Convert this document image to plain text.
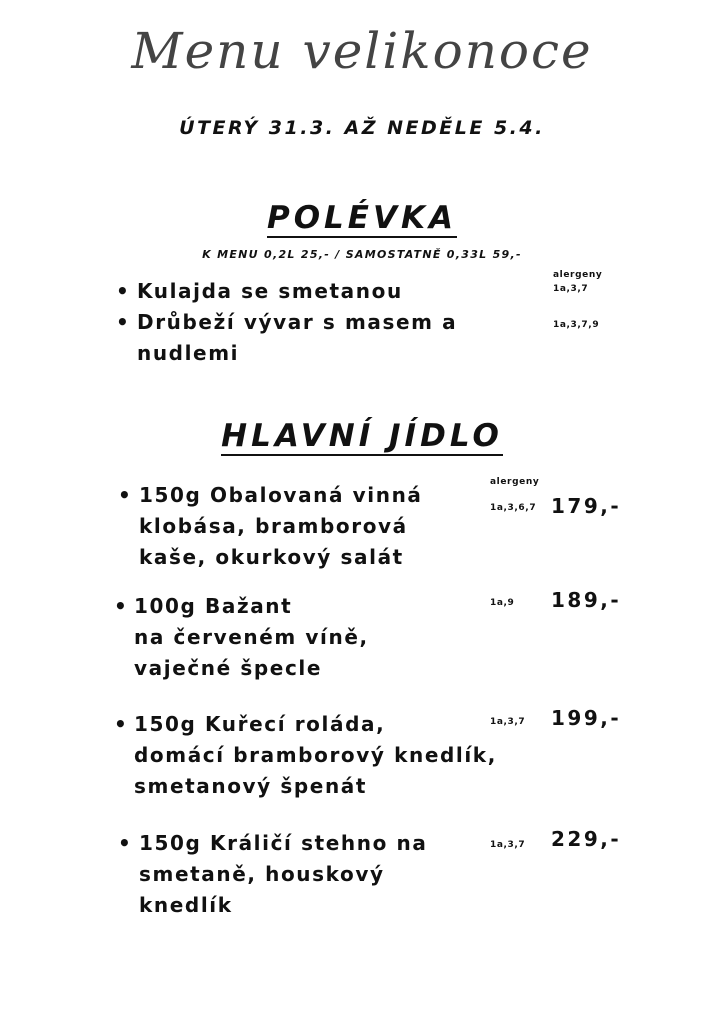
Menu velikonoce
ÚTERÝ 31.3. AŽ NEDĚLE 5.4.
POLÉVKA
K MENU 0,2L 25,- / SAMOSTATNĚ 0,33L 59,-
alergeny
• Kulajda se smetanou	1a,3,7
• Drůbeží vývar s masem a
nudlemi
1a,3,7,9
HLAVNÍ JÍDLO
alergeny
• 150g Obalovaná vinná
klobása, bramborová
kaše, okurkový salát
1a,3,6,7 179,-
• 100g Bažant
na červeném víně,
vaječné špecle
1a,9 189,-
• 150g Kuřecí roláda,
domácí bramborový knedlík,
smetanový špenát
1a,3,7 199,-
• 150g Králičí stehno na
smetaně, houskový
knedlík
1a,3,7 229,-
